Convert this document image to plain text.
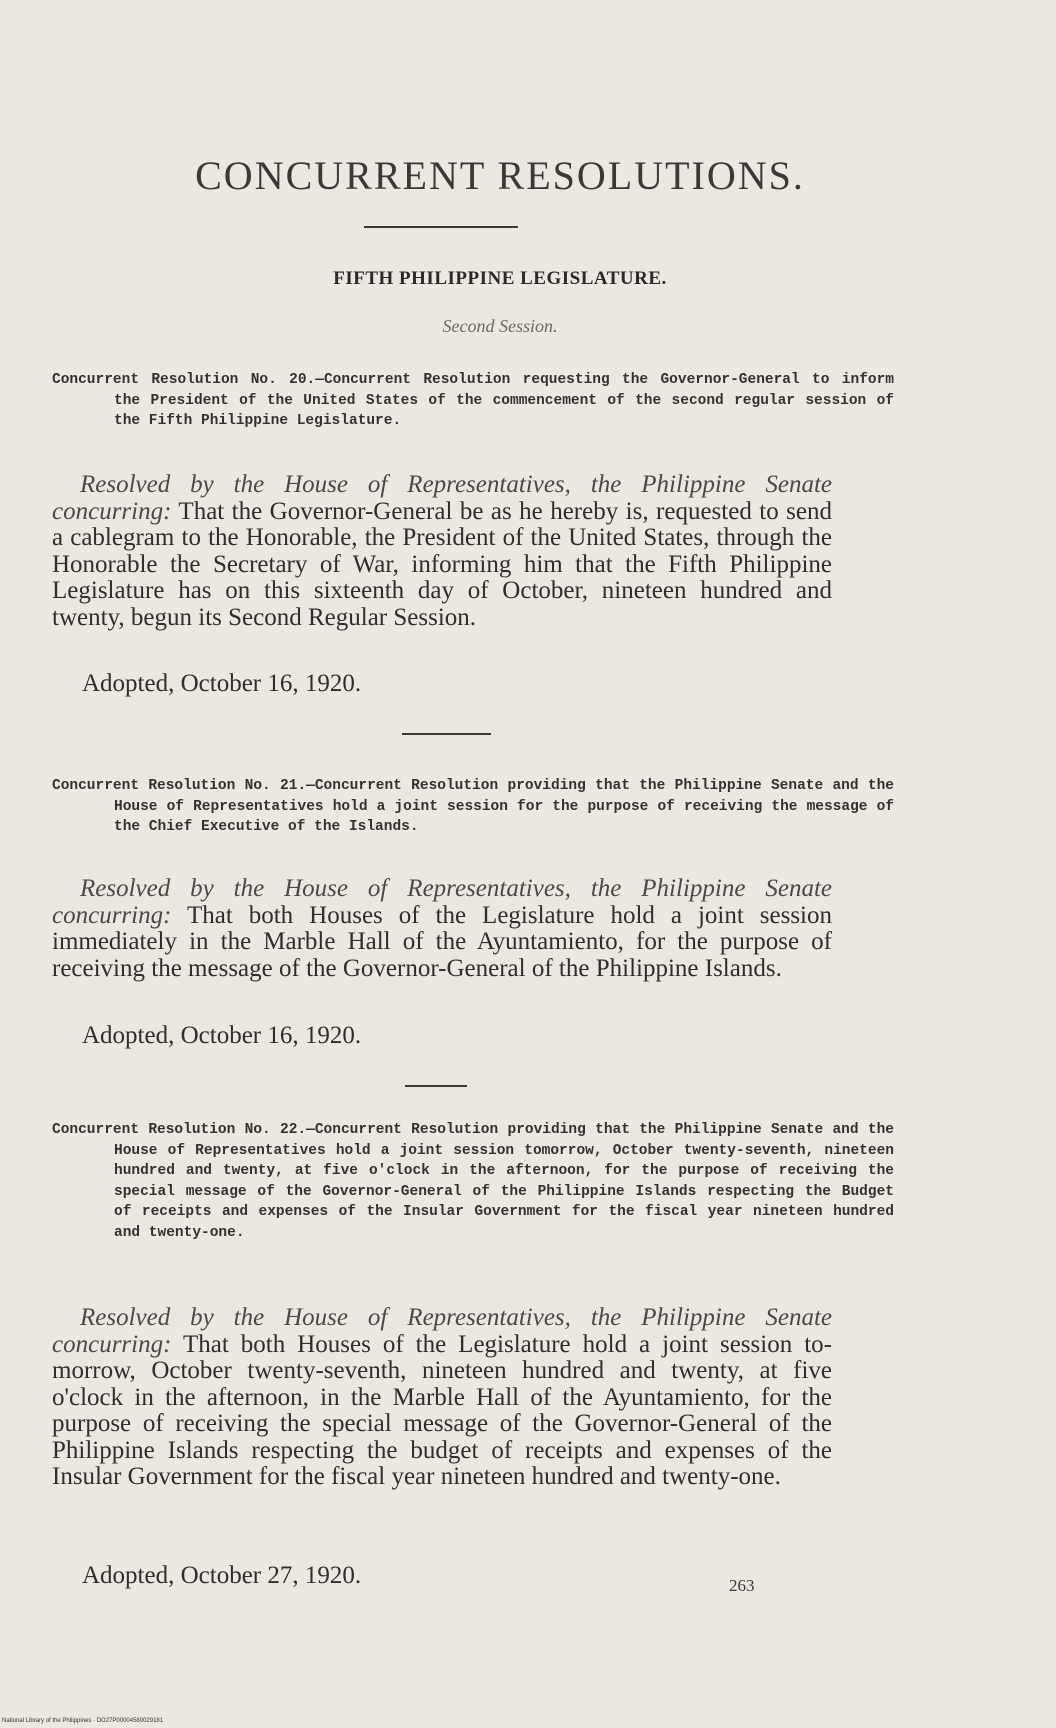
CONCURRENT RESOLUTIONS.
FIFTH PHILIPPINE LEGISLATURE.
Second Session.
Concurrent Resolution No. 20.—Concurrent Resolution requesting the Governor-General to inform the President of the United States of the commencement of the second regular session of the Fifth Philippine Legislature.
Resolved by the House of Representatives, the Philippine Senate concurring: That the Governor-General be as he hereby is, requested to send a cablegram to the Honorable, the President of the United States, through the Honorable the Secretary of War, informing him that the Fifth Philippine Legislature has on this sixteenth day of October, nineteen hundred and twenty, begun its Second Regular Session.
Adopted, October 16, 1920.
Concurrent Resolution No. 21.—Concurrent Resolution providing that the Philippine Senate and the House of Representatives hold a joint session for the purpose of receiving the message of the Chief Executive of the Islands.
Resolved by the House of Representatives, the Philippine Senate concurring: That both Houses of the Legislature hold a joint session immediately in the Marble Hall of the Ayuntamiento, for the purpose of receiving the message of the Governor-General of the Philippine Islands.
Adopted, October 16, 1920.
Concurrent Resolution No. 22.—Concurrent Resolution providing that the Philippine Senate and the House of Representatives hold a joint session tomorrow, October twenty-seventh, nineteen hundred and twenty, at five o'clock in the afternoon, for the purpose of receiving the special message of the Governor-General of the Philippine Islands respecting the Budget of receipts and expenses of the Insular Government for the fiscal year nineteen hundred and twenty-one.
Resolved by the House of Representatives, the Philippine Senate concurring: That both Houses of the Legislature hold a joint session to-morrow, October twenty-seventh, nineteen hundred and twenty, at five o'clock in the afternoon, in the Marble Hall of the Ayuntamiento, for the purpose of receiving the special message of the Governor-General of the Philippine Islands respecting the budget of receipts and expenses of the Insular Government for the fiscal year nineteen hundred and twenty-one.
Adopted, October 27, 1920.	263
National Library of the Philippines · DO27P00004580029181
